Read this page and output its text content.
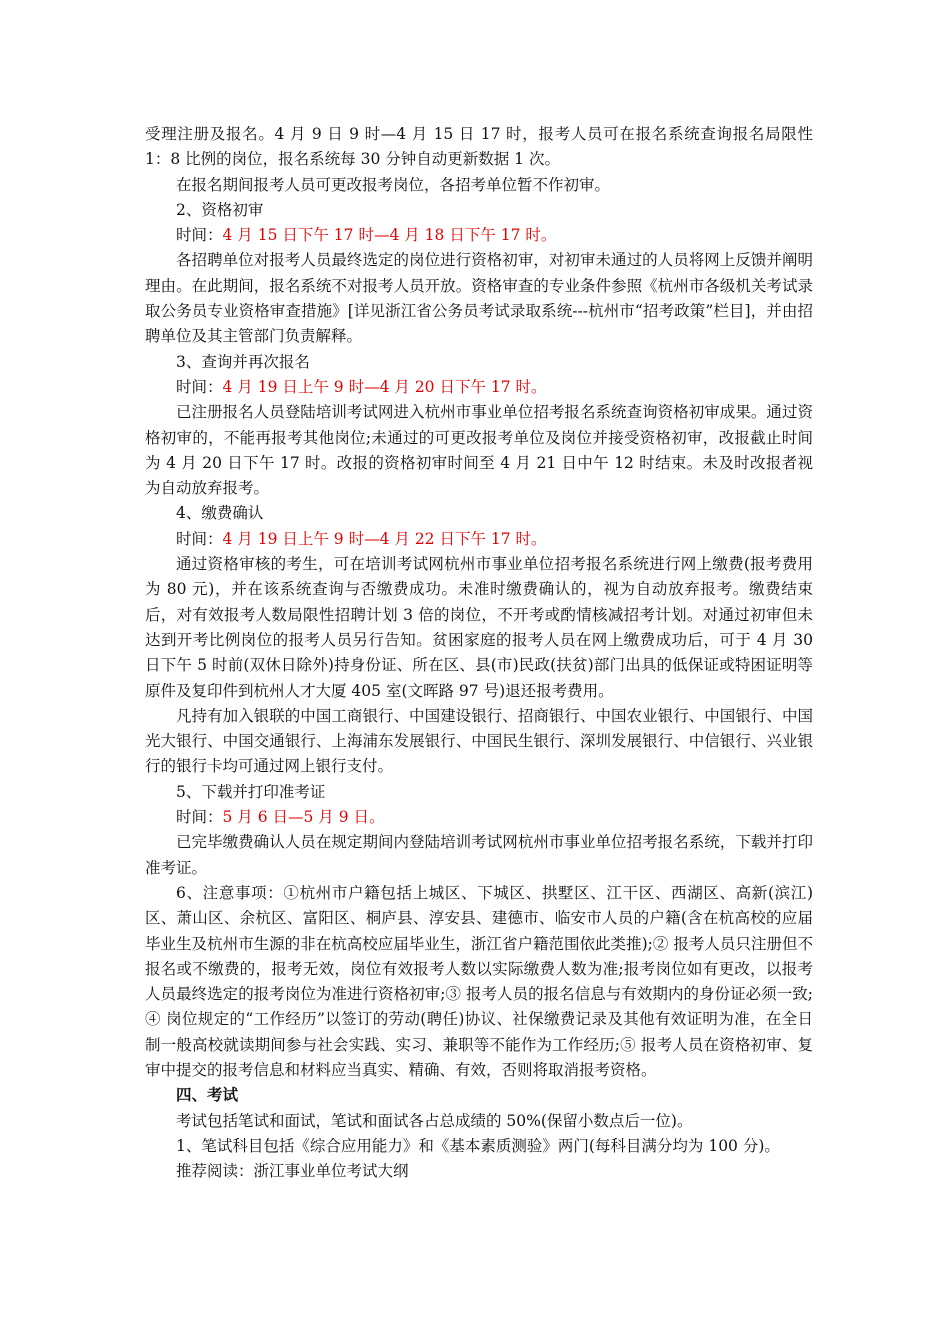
受理注册及报名。4 月 9 日 9 时—4 月 15 日 17 时，报考人员可在报名系统查询报名局限性 1：8 比例的岗位，报名系统每 30 分钟自动更新数据 1 次。

在报名期间报考人员可更改报考岗位，各招考单位暂不作初审。

2、资格初审

时间：4 月 15 日下午 17 时—4 月 18 日下午 17 时。

各招聘单位对报考人员最终选定的岗位进行资格初审，对初审未通过的人员将网上反馈并阐明理由。在此期间，报名系统不对报考人员开放。资格审查的专业条件参照《杭州市各级机关考试录取公务员专业资格审查措施》[详见浙江省公务员考试录取系统---杭州市“招考政策”栏目]，并由招聘单位及其主管部门负责解释。

3、查询并再次报名

时间：4 月 19 日上午 9 时—4 月 20 日下午 17 时。

已注册报名人员登陆培训考试网进入杭州市事业单位招考报名系统查询资格初审成果。通过资格初审的，不能再报考其他岗位;未通过的可更改报考单位及岗位并接受资格初审，改报截止时间为 4 月 20 日下午 17 时。改报的资格初审时间至 4 月 21 日中午 12 时结束。未及时改报者视为自动放弃报考。

4、缴费确认

时间：4 月 19 日上午 9 时—4 月 22 日下午 17 时。

通过资格审核的考生，可在培训考试网杭州市事业单位招考报名系统进行网上缴费(报考费用为 80 元)，并在该系统查询与否缴费成功。未准时缴费确认的，视为自动放弃报考。缴费结束后，对有效报考人数局限性招聘计划 3 倍的岗位，不开考或酌情核减招考计划。对通过初审但未达到开考比例岗位的报考人员另行告知。贫困家庭的报考人员在网上缴费成功后，可于 4 月 30 日下午 5 时前(双休日除外)持身份证、所在区、县(市)民政(扶贫)部门出具的低保证或特困证明等原件及复印件到杭州人才大厦 405 室(文晖路 97 号)退还报考费用。

凡持有加入银联的中国工商银行、中国建设银行、招商银行、中国农业银行、中国银行、中国光大银行、中国交通银行、上海浦东发展银行、中国民生银行、深圳发展银行、中信银行、兴业银行的银行卡均可通过网上银行支付。

5、下载并打印准考证

时间：5 月 6 日—5 月 9 日。

已完毕缴费确认人员在规定期间内登陆培训考试网杭州市事业单位招考报名系统，下载并打印准考证。

6、注意事项：①杭州市户籍包括上城区、下城区、拱墅区、江干区、西湖区、高新(滨江)区、萧山区、余杭区、富阳区、桐庐县、淳安县、建德市、临安市人员的户籍(含在杭高校的应届毕业生及杭州市生源的非在杭高校应届毕业生，浙江省户籍范围依此类推);② 报考人员只注册但不报名或不缴费的，报考无效，岗位有效报考人数以实际缴费人数为准;报考岗位如有更改，以报考人员最终选定的报考岗位为准进行资格初审;③ 报考人员的报名信息与有效期内的身份证必须一致;④ 岗位规定的“工作经历”以签订的劳动(聘任)协议、社保缴费记录及其他有效证明为准，在全日制一般高校就读期间参与社会实践、实习、兼职等不能作为工作经历;⑤ 报考人员在资格初审、复审中提交的报考信息和材料应当真实、精确、有效，否则将取消报考资格。

四、考试

考试包括笔试和面试，笔试和面试各占总成绩的 50%(保留小数点后一位)。

1、笔试科目包括《综合应用能力》和《基本素质测验》两门(每科目满分均为 100 分)。

推荐阅读：浙江事业单位考试大纲
